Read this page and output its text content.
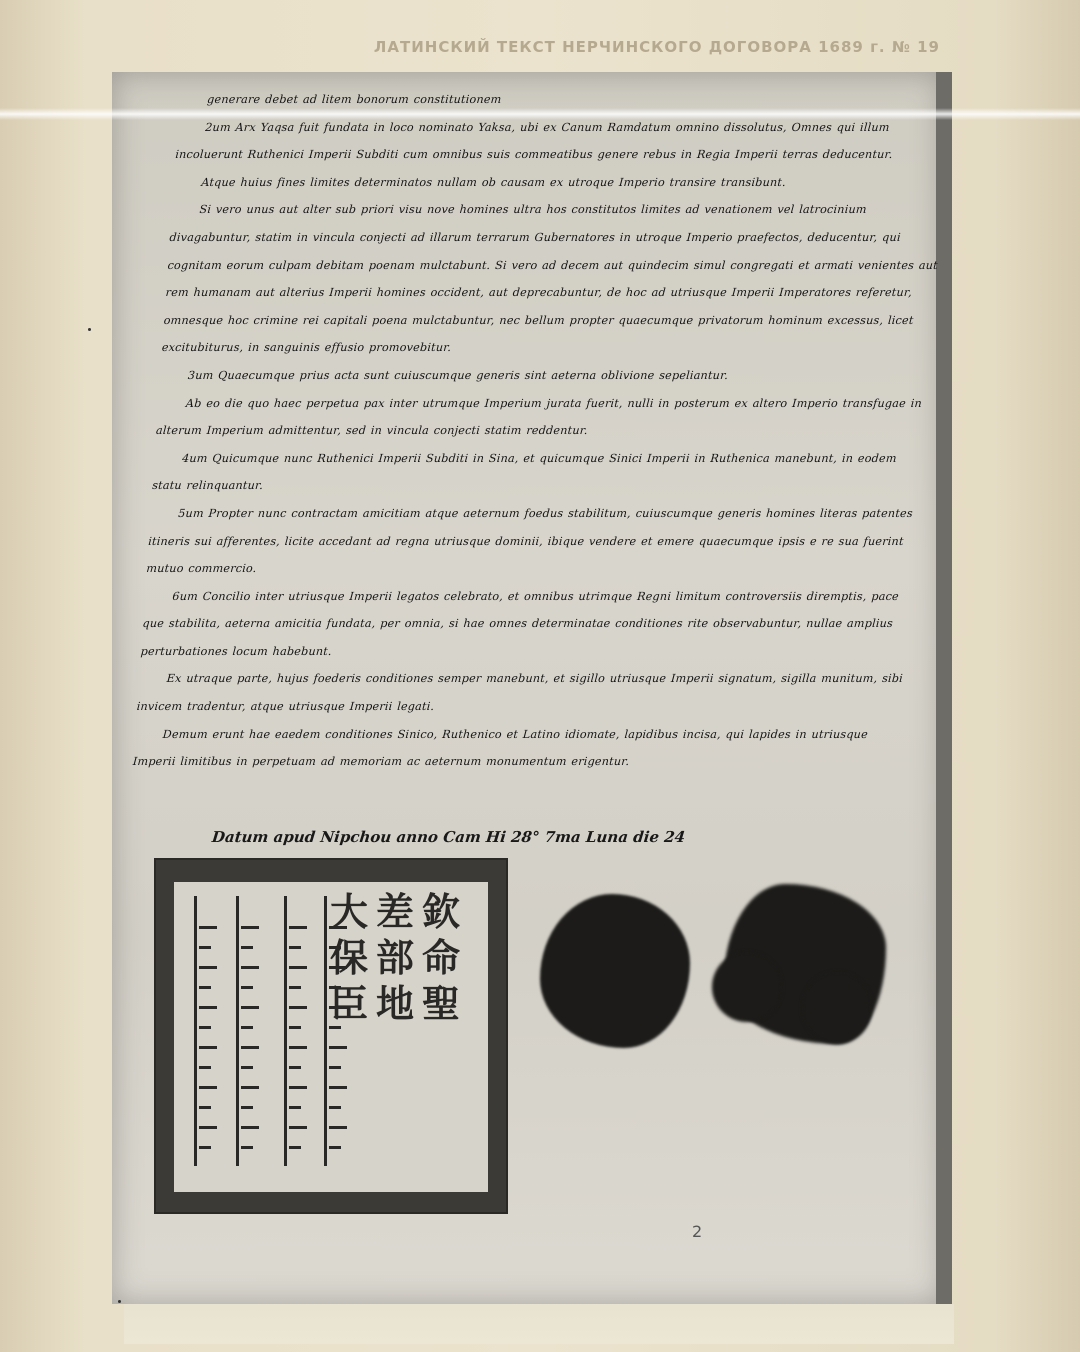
ЛАТИНСКИЙ ТЕКСТ НЕРЧИНСКОГО ДОГОВОРА 1689 г. № 19

generare debet ad litem bonorum constitutionem

2um Arx Yaqsa fuit fundata in loco nominato Yaksa, ubi ex Canum Ramdatum omnino dissolutus, Omnes qui illum incoluerunt Ruthenici Imperii Subditi cum omnibus suis commeatibus genere rebus in Regia Imperii terras deducentur.

Atque huius fines limites determinatos nullam ob causam ex utroque Imperio transire transibunt.

Si vero unus aut alter sub priori visu nove homines ultra hos constitutos limites ad venationem vel latrocinium divagabuntur, statim in vincula conjecti ad illarum terrarum Gubernatores in utroque Imperio praefectos, deducentur, qui cognitam eorum culpam debitam poenam mulctabunt. Si vero ad decem aut quindecim simul congregati et armati venientes aut rem humanam aut alterius Imperii homines occident, aut deprecabuntur, de hoc ad utriusque Imperii Imperatores referetur, omnesque hoc crimine rei capitali poena mulctabuntur, nec bellum propter quaecumque privatorum hominum excessus, licet excitubiturus, in sanguinis effusio promovebitur.

3um Quaecumque prius acta sunt cuiuscumque generis sint aeterna oblivione sepeliantur.

Ab eo die quo haec perpetua pax inter utrumque Imperium jurata fuerit, nulli in posterum ex altero Imperio transfugae in alterum Imperium admittentur, sed in vincula conjecti statim reddentur.

4um Quicumque nunc Ruthenici Imperii Subditi in Sina, et quicumque Sinici Imperii in Ruthenica manebunt, in eodem statu relinquantur.

5um Propter nunc contractam amicitiam atque aeternum foedus stabilitum, cuiuscumque generis homines literas patentes itineris sui afferentes, licite accedant ad regna utriusque dominii, ibique vendere et emere quaecumque ipsis e re sua fuerint mutuo commercio.

6um Concilio inter utriusque Imperii legatos celebrato, et omnibus utrimque Regni limitum controversiis diremptis, pace que stabilita, aeterna amicitia fundata, per omnia, si hae omnes determinatae conditiones rite observabuntur, nullae amplius perturbationes locum habebunt.

Ex utraque parte, hujus foederis conditiones semper manebunt, et sigillo utriusque Imperii signatum, sigilla munitum, sibi invicem tradentur, atque utriusque Imperii legati.

Demum erunt hae eaedem conditiones Sinico, Ruthenico et Latino idiomate, lapidibus incisa, qui lapides in utriusque Imperii limitibus in perpetuam ad memoriam ac aeternum monumentum erigentur.

Datum apud Nipchou anno Cam Hi 28° 7ma Luna die 24
欽
命
聖
差
部
地
大
保
臣
2
